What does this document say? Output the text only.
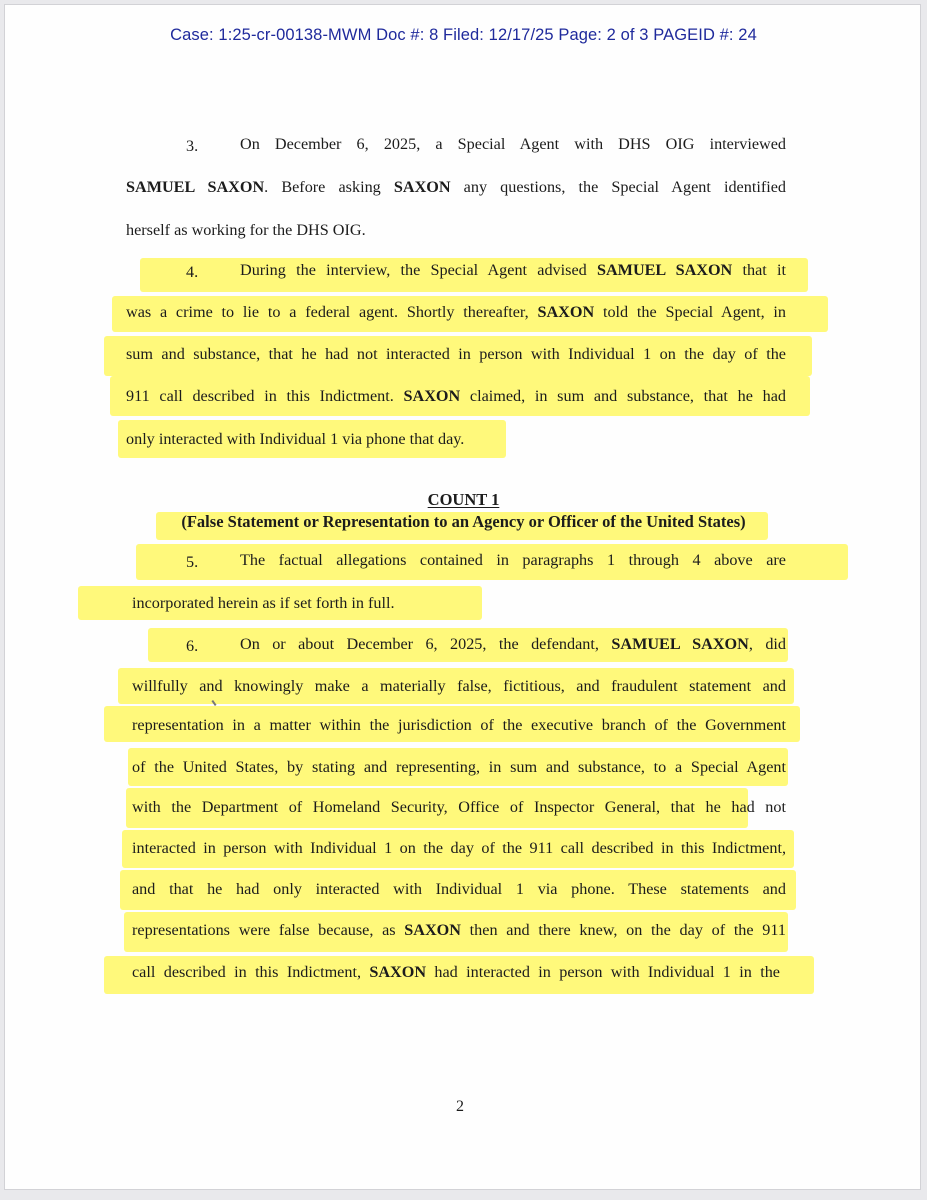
Case: 1:25-cr-00138-MWM Doc #: 8 Filed: 12/17/25 Page: 2 of 3 PAGEID #: 24
3.	On December 6, 2025, a Special Agent with DHS OIG interviewed
SAMUEL SAXON. Before asking SAXON any questions, the Special Agent identified
herself as working for the DHS OIG.
4.	During the interview, the Special Agent advised SAMUEL SAXON that it
was a crime to lie to a federal agent. Shortly thereafter, SAXON told the Special Agent, in
sum and substance, that he had not interacted in person with Individual 1 on the day of the
911 call described in this Indictment. SAXON claimed, in sum and substance, that he had
only interacted with Individual 1 via phone that day.
COUNT 1
(False Statement or Representation to an Agency or Officer of the United States)
5.	The factual allegations contained in paragraphs 1 through 4 above are
incorporated herein as if set forth in full.
6.	On or about December 6, 2025, the defendant, SAMUEL SAXON, did
willfully and knowingly make a materially false, fictitious, and fraudulent statement and
representation in a matter within the jurisdiction of the executive branch of the Government
of the United States, by stating and representing, in sum and substance, to a Special Agent
with the Department of Homeland Security, Office of Inspector General, that he had not
interacted in person with Individual 1 on the day of the 911 call described in this Indictment,
and that he had only interacted with Individual 1 via phone. These statements and
representations were false because, as SAXON then and there knew, on the day of the 911
call described in this Indictment, SAXON had interacted in person with Individual 1 in the
2
